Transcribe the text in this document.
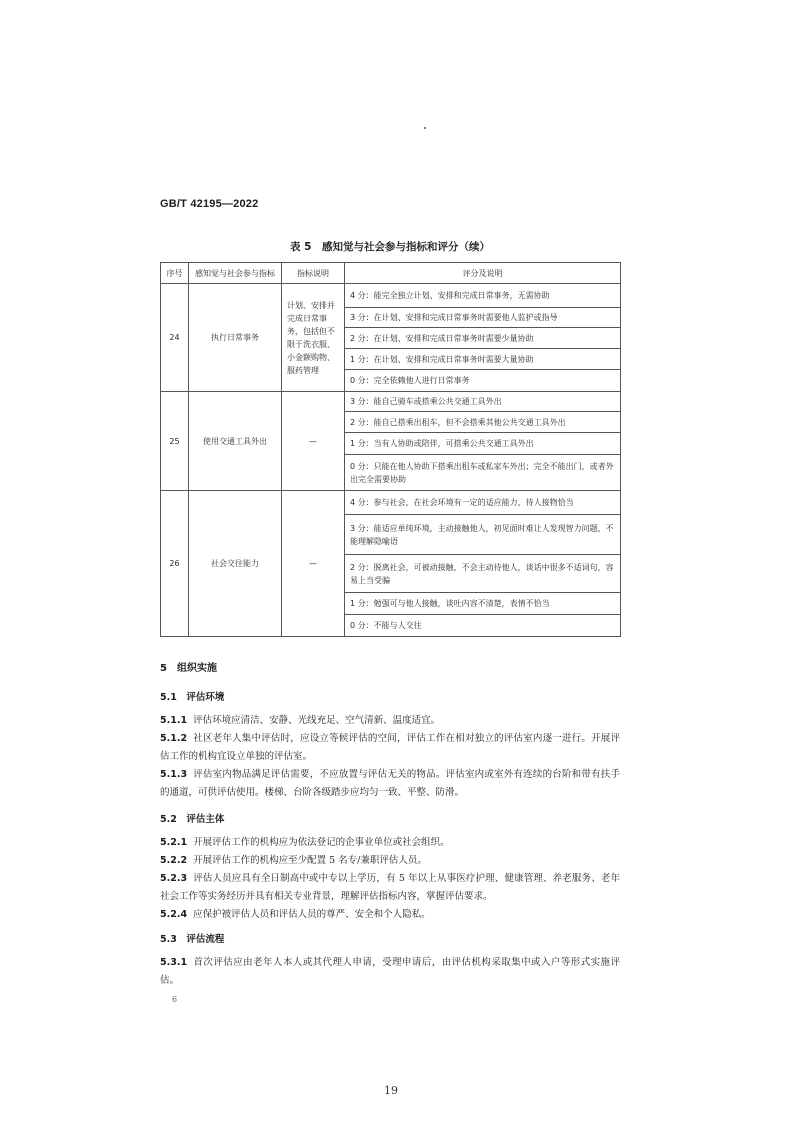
GB/T 42195—2022
表 5　感知觉与社会参与指标和评分（续）
序号	感知觉与社会参与指标	指标说明	评分及说明
24	执行日常事务	计划、安排并完成日常事务，包括但不限于洗衣服、小金额购物、服药管理	4 分：能完全独立计划、安排和完成日常事务，无需协助
			3 分：在计划、安排和完成日常事务时需要他人监护或指导
			2 分：在计划、安排和完成日常事务时需要少量协助
			1 分：在计划、安排和完成日常事务时需要大量协助
			0 分：完全依赖他人进行日常事务
25	使用交通工具外出	—	3 分：能自己骑车或搭乘公共交通工具外出
			2 分：能自己搭乘出租车，但不会搭乘其他公共交通工具外出
			1 分：当有人协助或陪伴，可搭乘公共交通工具外出
			0 分：只能在他人协助下搭乘出租车或私家车外出；完全不能出门，或者外出完全需要协助
26	社会交往能力	—	4 分：参与社会，在社会环境有一定的适应能力，待人接物恰当
			3 分：能适应单纯环境，主动接触他人，初见面时难让人发现智力问题，不能理解隐喻语
			2 分：脱离社会，可被动接触，不会主动待他人，谈话中很多不适词句，容易上当受骗
			1 分：勉强可与他人接触，谈吐内容不清楚，表情不恰当
			0 分：不能与人交往
5　组织实施
5.1　评估环境
5.1.1 评估环境应清洁、安静、光线充足、空气清新、温度适宜。
5.1.2 社区老年人集中评估时，应设立等候评估的空间，评估工作在相对独立的评估室内逐一进行。开展评估工作的机构宜设立单独的评估室。
5.1.3 评估室内物品满足评估需要，不应放置与评估无关的物品。评估室内或室外有连续的台阶和带有扶手的通道，可供评估使用。楼梯、台阶各级踏步应均匀一致、平整、防滑。
5.2　评估主体
5.2.1 开展评估工作的机构应为依法登记的企事业单位或社会组织。
5.2.2 开展评估工作的机构应至少配置 5 名专/兼职评估人员。
5.2.3 评估人员应具有全日制高中或中专以上学历，有 5 年以上从事医疗护理、健康管理、养老服务、老年社会工作等实务经历并具有相关专业背景，理解评估指标内容，掌握评估要求。
5.2.4 应保护被评估人员和评估人员的尊严、安全和个人隐私。
5.3　评估流程
5.3.1 首次评估应由老年人本人或其代理人申请，受理申请后，由评估机构采取集中或入户等形式实施评估。
6
19
